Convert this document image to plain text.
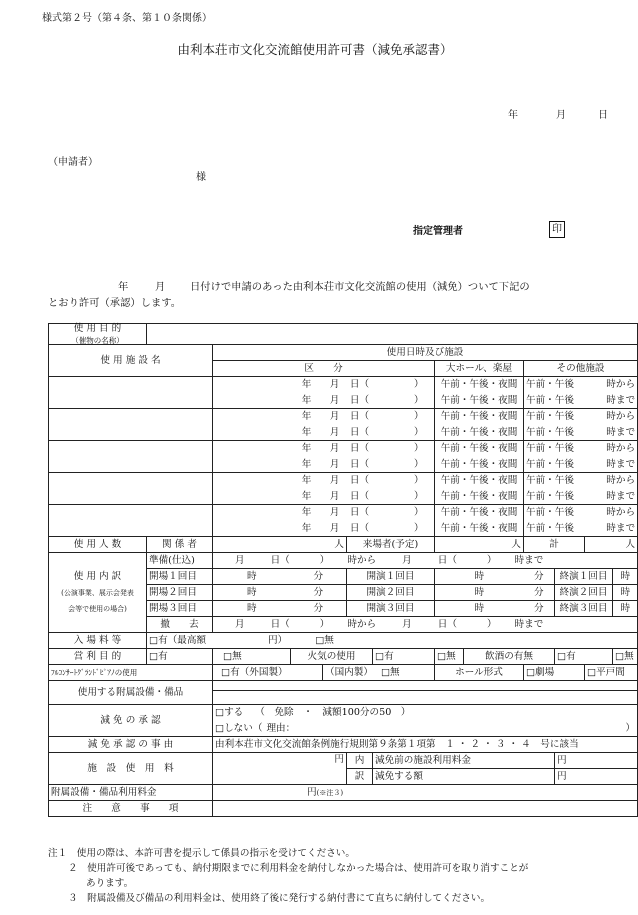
様式第２号（第４条、第１０条関係）
由利本荘市文化交流館使用許可書（減免承認書）
年	月	日
（申請者）
様
指定管理者	印
年	月 日付けで申請のあった由利本荘市文化交流館の使用（減免）ついて下記の
とおり許可（承認）します。
使 用 目 的
（催物の名称）														

使 用 施 設 名		使用日時及び施設												
		区　　分						大ホール、楽屋		その他施設				
			年	月	日（		）	午前・午後・夜間		午前・午後		時から		
			年	月	日（		）	午前・午後・夜間		午前・午後		時まで		
			年	月	日（		）	午前・午後・夜間		午前・午後		時から		
			年	月	日（		）	午前・午後・夜間		午前・午後		時まで		
			年	月	日（		）	午前・午後・夜間		午前・午後		時から		
			年	月	日（		）	午前・午後・夜間		午前・午後		時まで		
			年	月	日（		）	午前・午後・夜間		午前・午後		時から		
			年	月	日（		）	午前・午後・夜間		午前・午後		時まで		
			年	月	日（		）	午前・午後・夜間		午前・午後		時から		
			年	月	日（		）	午前・午後・夜間		午前・午後		時まで		
使 用 人 数	関 係 者	人			来場者(予定)			人		計		人		

使 用 内 訳
(公演事業、展示会発表
会等で使用の場合)	準備(仕込)	月 日（ ） 時から 月 日（ ） 時まで												
	開場１回目	時	分		開演１回目			時		分	終演１回目		時	
	開場２回目	時	分		開演２回目			時		分	終演２回目		時	
	開場３回目	時	分		開演３回目			時		分	終演３回目		時	
	撤　　去	月 日（ ） 時から 月 日（ ） 時まで												
入 場 料 等	□有（最高額 円） □無													
営 利 目 的	□有	□無	火気の使用			□有		□無	飲酒の有無		□有		□無	
ﾌﾙｺﾝｻｰﾄｸﾞﾗﾝﾄﾞﾋﾟｱﾉの使用		□有（外国製）		（国内製） □無				ホール形式		□劇場		□平戸間		
使用する附属設備・備品														

減 免 の 承 認		□する （　免除　・　減額100分の50　）												
		□しない（ 理由： ）												

減 免 承 認 の 事 由		由利本荘市文化交流館条例施行規則第９条第１項第　１ ・ ２ ・ ３ ・ ４　号に該当												
施　設　使　用　料		円			内	減免前の施設利用料金					円			
					訳	減免する額					円			
附属設備・備品利用料金		円(※注３)												
注　　意　　事　　項														
注１　使用の際は、本許可書を提示して係員の指示を受けてください。
２　使用許可後であっても、納付期限までに利用料金を納付しなかった場合は、使用許可を取り消すことが
あります。
３　附属設備及び備品の利用料金は、使用終了後に発行する納付書にて直ちに納付してください。
